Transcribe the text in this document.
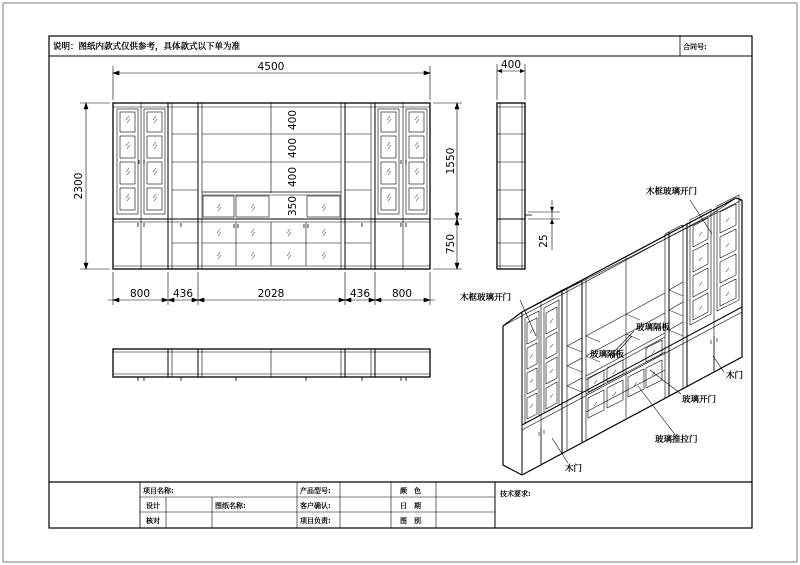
说明：图纸内款式仅供参考，具体款式以下单为准	合同号:
4500
2300
1550
750
400
400
400
350
800 436	2028	436 800
400
25
木框玻璃开门
木框玻璃开门
玻璃隔板
玻璃隔板
木门
玻璃开门
玻璃推拉门
木门
项目名称:	产品型号:	颜　色	技术要求:
设计	图纸名称:	客户确认:	日　期
核对	项目负责:	图　别
